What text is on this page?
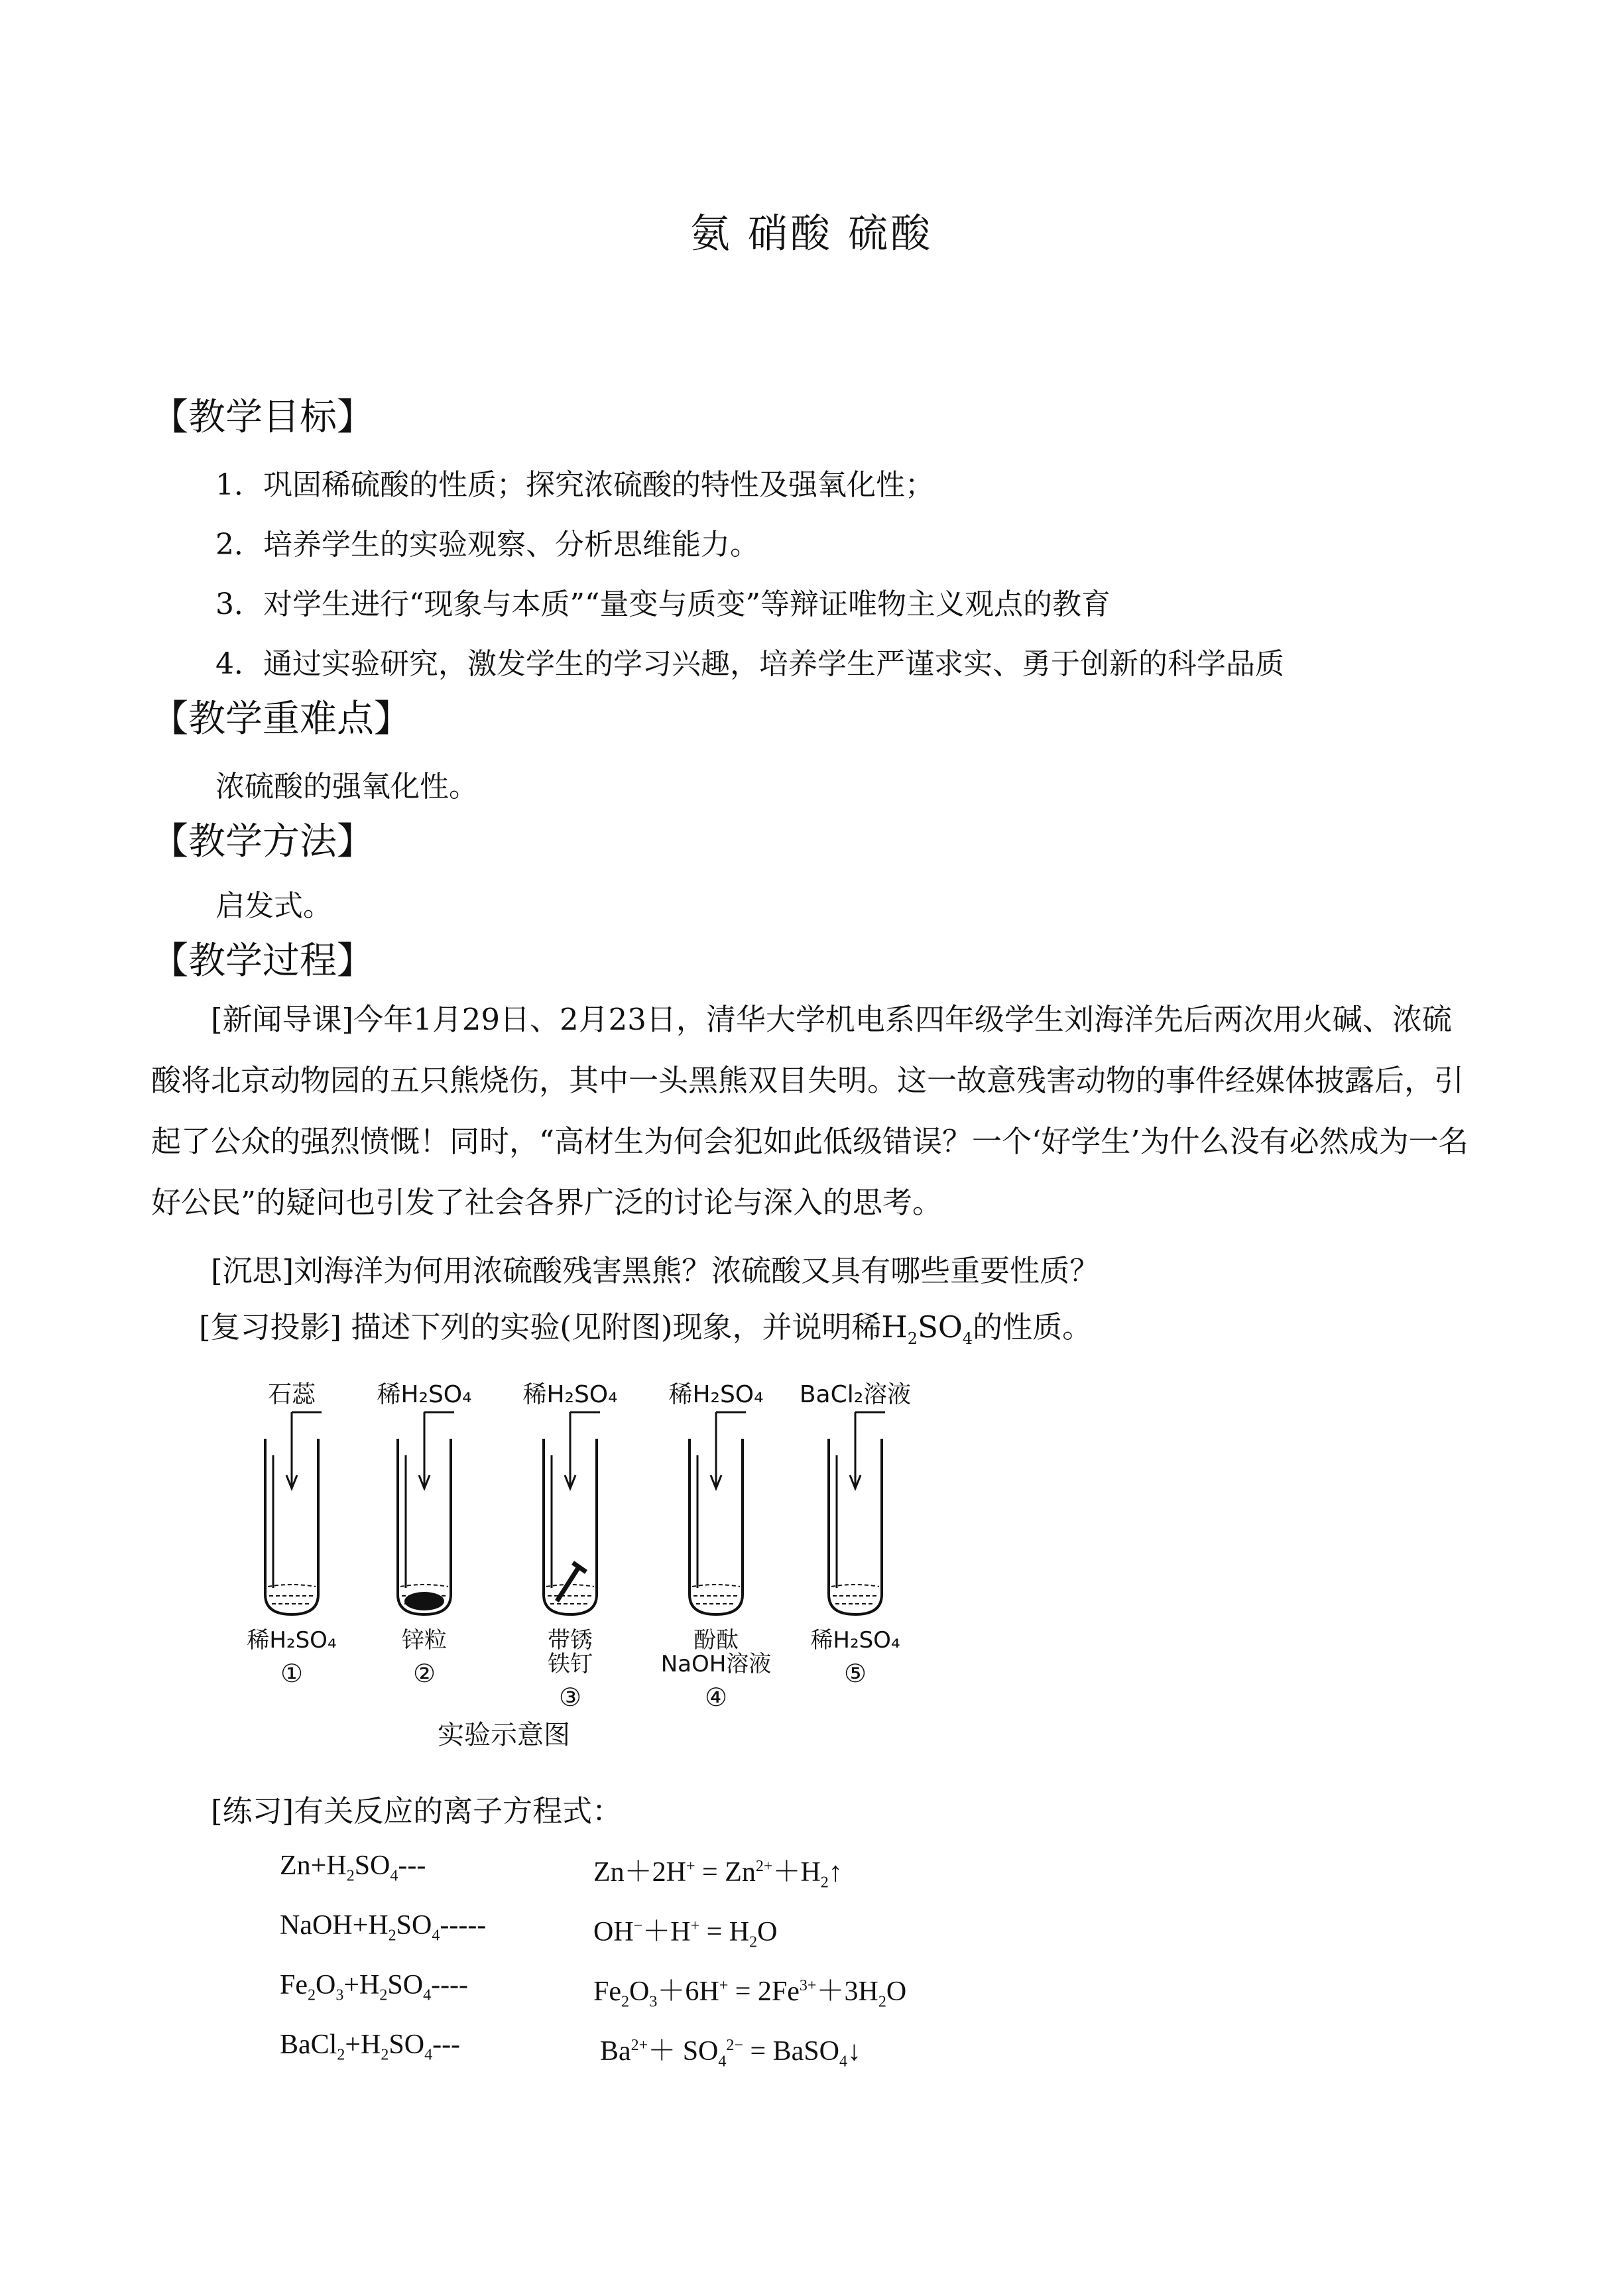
氨 硝酸 硫酸
【教学目标】
1．巩固稀硫酸的性质；探究浓硫酸的特性及强氧化性；
2．培养学生的实验观察、分析思维能力。
3．对学生进行“现象与本质”“量变与质变”等辩证唯物主义观点的教育
4．通过实验研究，激发学生的学习兴趣，培养学生严谨求实、勇于创新的科学品质
【教学重难点】
浓硫酸的强氧化性。
【教学方法】
启发式。
【教学过程】
[新闻导课]今年1月29日、2月23日，清华大学机电系四年级学生刘海洋先后两次用火碱、浓硫酸将北京动物园的五只熊烧伤，其中一头黑熊双目失明。这一故意残害动物的事件经媒体披露后，引起了公众的强烈愤慨！同时，“高材生为何会犯如此低级错误？一个‘好学生’为什么没有必然成为一名好公民”的疑问也引发了社会各界广泛的讨论与深入的思考。
[沉思]刘海洋为何用浓硫酸残害黑熊？浓硫酸又具有哪些重要性质？
[复习投影] 描述下列的实验(见附图)现象，并说明稀$H_2SO_4$的性质。
石蕊
稀H₂SO₄
①
稀H₂SO₄
锌粒
②
稀H₂SO₄
带锈
铁钉
③
稀H₂SO₄
酚酞
NaOH溶液
④
BaCl₂溶液
稀H₂SO₄
⑤
实验示意图
[练习]有关反应的离子方程式：
$Zn+H_2SO_4---$	$Zn+2H^+ = Zn^{2+}+H_2↑$
$NaOH+H_2SO_4-----$	$OH^-+H^+ = H_2O$
$Fe_2O_3+H_2SO_4----$	$Fe_2O_3+6H^+ = 2Fe^{3+}+3H_2O$
$BaCl_2+H_2SO_4---$	$Ba^{2+}+ SO_4^{2-}$ = BaSO$_4$↓
